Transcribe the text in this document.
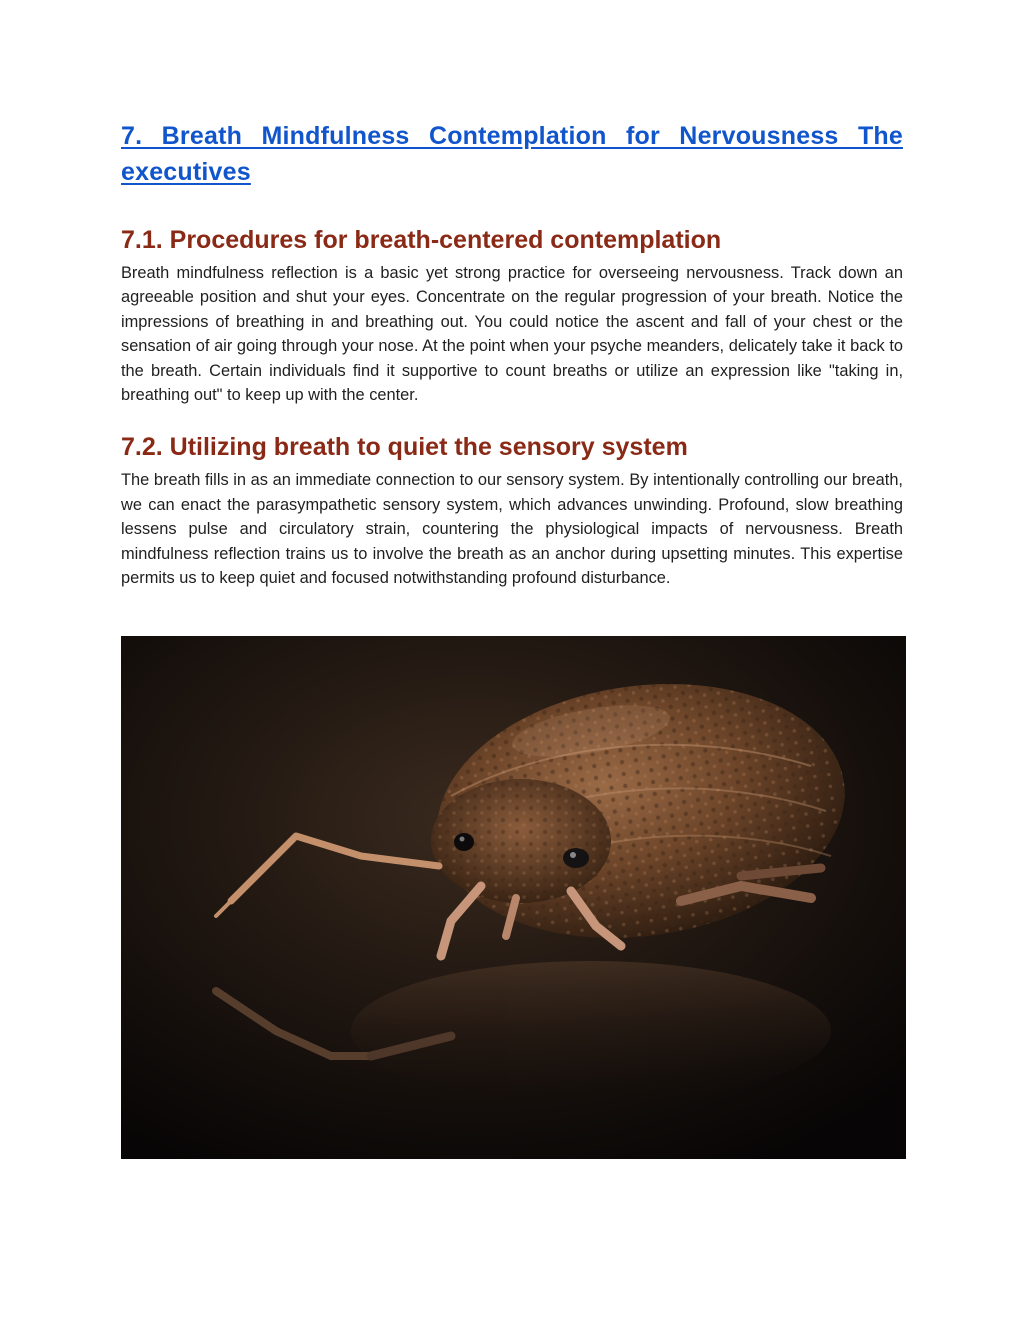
7. Breath Mindfulness Contemplation for Nervousness The executives
7.1. Procedures for breath-centered contemplation

Breath mindfulness reflection is a basic yet strong practice for overseeing nervousness. Track down an agreeable position and shut your eyes. Concentrate on the regular progression of your breath. Notice the impressions of breathing in and breathing out. You could notice the ascent and fall of your chest or the sensation of air going through your nose. At the point when your psyche meanders, delicately take it back to the breath. Certain individuals find it supportive to count breaths or utilize an expression like "taking in, breathing out" to keep up with the center.

7.2. Utilizing breath to quiet the sensory system

The breath fills in as an immediate connection to our sensory system. By intentionally controlling our breath, we can enact the parasympathetic sensory system, which advances unwinding. Profound, slow breathing lessens pulse and circulatory strain, countering the physiological impacts of nervousness. Breath mindfulness reflection trains us to involve the breath as an anchor during upsetting minutes. This expertise permits us to keep quiet and focused notwithstanding profound disturbance.
